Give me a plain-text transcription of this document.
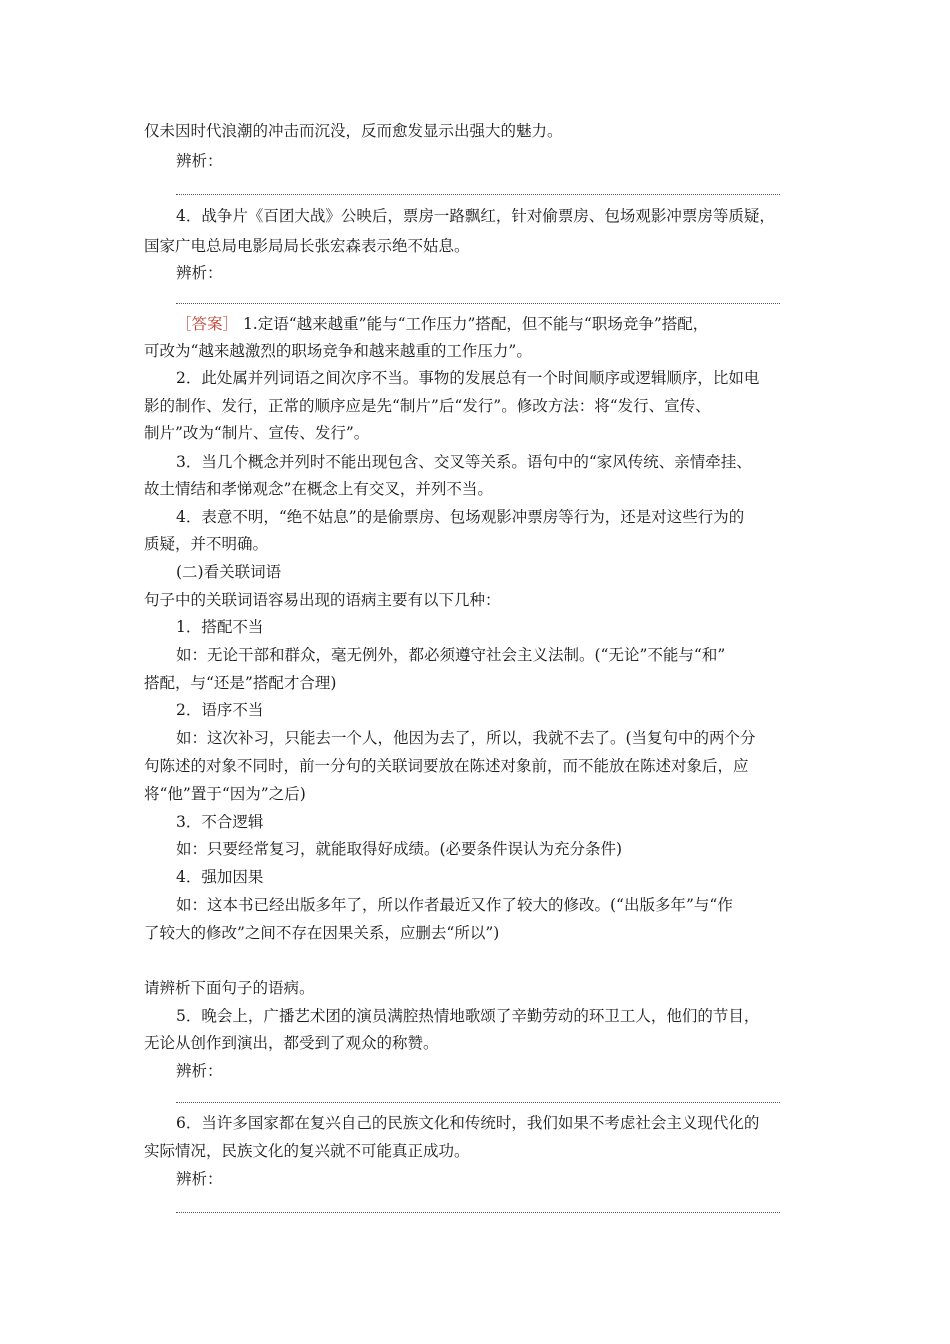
仅未因时代浪潮的冲击而沉没，反而愈发显示出强大的魅力。
辨析：
4．战争片《百团大战》公映后，票房一路飘红，针对偷票房、包场观影冲票房等质疑，
国家广电总局电影局局长张宏森表示绝不姑息。
辨析：
［答案］ 1.定语“越来越重”能与“工作压力”搭配，但不能与“职场竞争”搭配，
可改为“越来越激烈的职场竞争和越来越重的工作压力”。
2．此处属并列词语之间次序不当。事物的发展总有一个时间顺序或逻辑顺序，比如电
影的制作、发行，正常的顺序应是先“制片”后“发行”。修改方法：将“发行、宣传、
制片”改为“制片、宣传、发行”。
3．当几个概念并列时不能出现包含、交叉等关系。语句中的“家风传统、亲情牵挂、
故土情结和孝悌观念”在概念上有交叉，并列不当。
4．表意不明，“绝不姑息”的是偷票房、包场观影冲票房等行为，还是对这些行为的
质疑，并不明确。
(二)看关联词语
句子中的关联词语容易出现的语病主要有以下几种：
1．搭配不当
如：无论干部和群众，毫无例外，都必须遵守社会主义法制。(“无论”不能与“和”
搭配，与“还是”搭配才合理)
2．语序不当
如：这次补习，只能去一个人，他因为去了，所以，我就不去了。(当复句中的两个分
句陈述的对象不同时，前一分句的关联词要放在陈述对象前，而不能放在陈述对象后，应
将“他”置于“因为”之后)
3．不合逻辑
如：只要经常复习，就能取得好成绩。(必要条件误认为充分条件)
4．强加因果
如：这本书已经出版多年了，所以作者最近又作了较大的修改。(“出版多年”与“作
了较大的修改”之间不存在因果关系，应删去“所以”)
请辨析下面句子的语病。
5．晚会上，广播艺术团的演员满腔热情地歌颂了辛勤劳动的环卫工人，他们的节目，
无论从创作到演出，都受到了观众的称赞。
辨析：
6．当许多国家都在复兴自己的民族文化和传统时，我们如果不考虑社会主义现代化的
实际情况，民族文化的复兴就不可能真正成功。
辨析：
